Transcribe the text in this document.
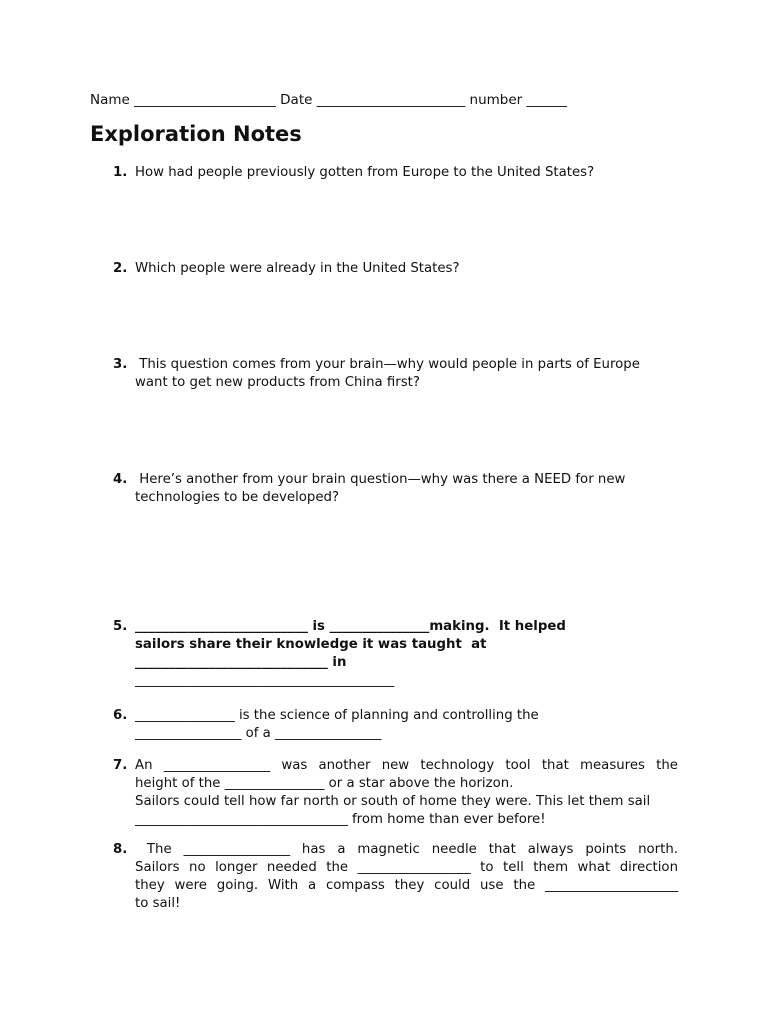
Name _____________________ Date ______________________ number ______
Exploration Notes
1. How had people previously gotten from Europe to the United States?

2. Which people were already in the United States?

3. This question comes from your brain—why would people in parts of Europe

want to get new products from China first?

4. Here’s another from your brain question—why was there a NEED for new

technologies to be developed?

5. __________________________ is _______________making.  It helped

sailors share their knowledge it was taught  at

_____________________________ in

_______________________________________

6. _______________ is the science of planning and controlling the

________________ of a ________________

7. An ________________ was another new technology tool that measures the

height of the _______________ or a star above the horizon.

Sailors could tell how far north or south of home they were. This let them sail

________________________________ from home than ever before!

8. The ________________ has a magnetic needle that always points north.

Sailors no longer needed the _________________ to tell them what direction

they were going. With a compass they could use the ____________________

to sail!
